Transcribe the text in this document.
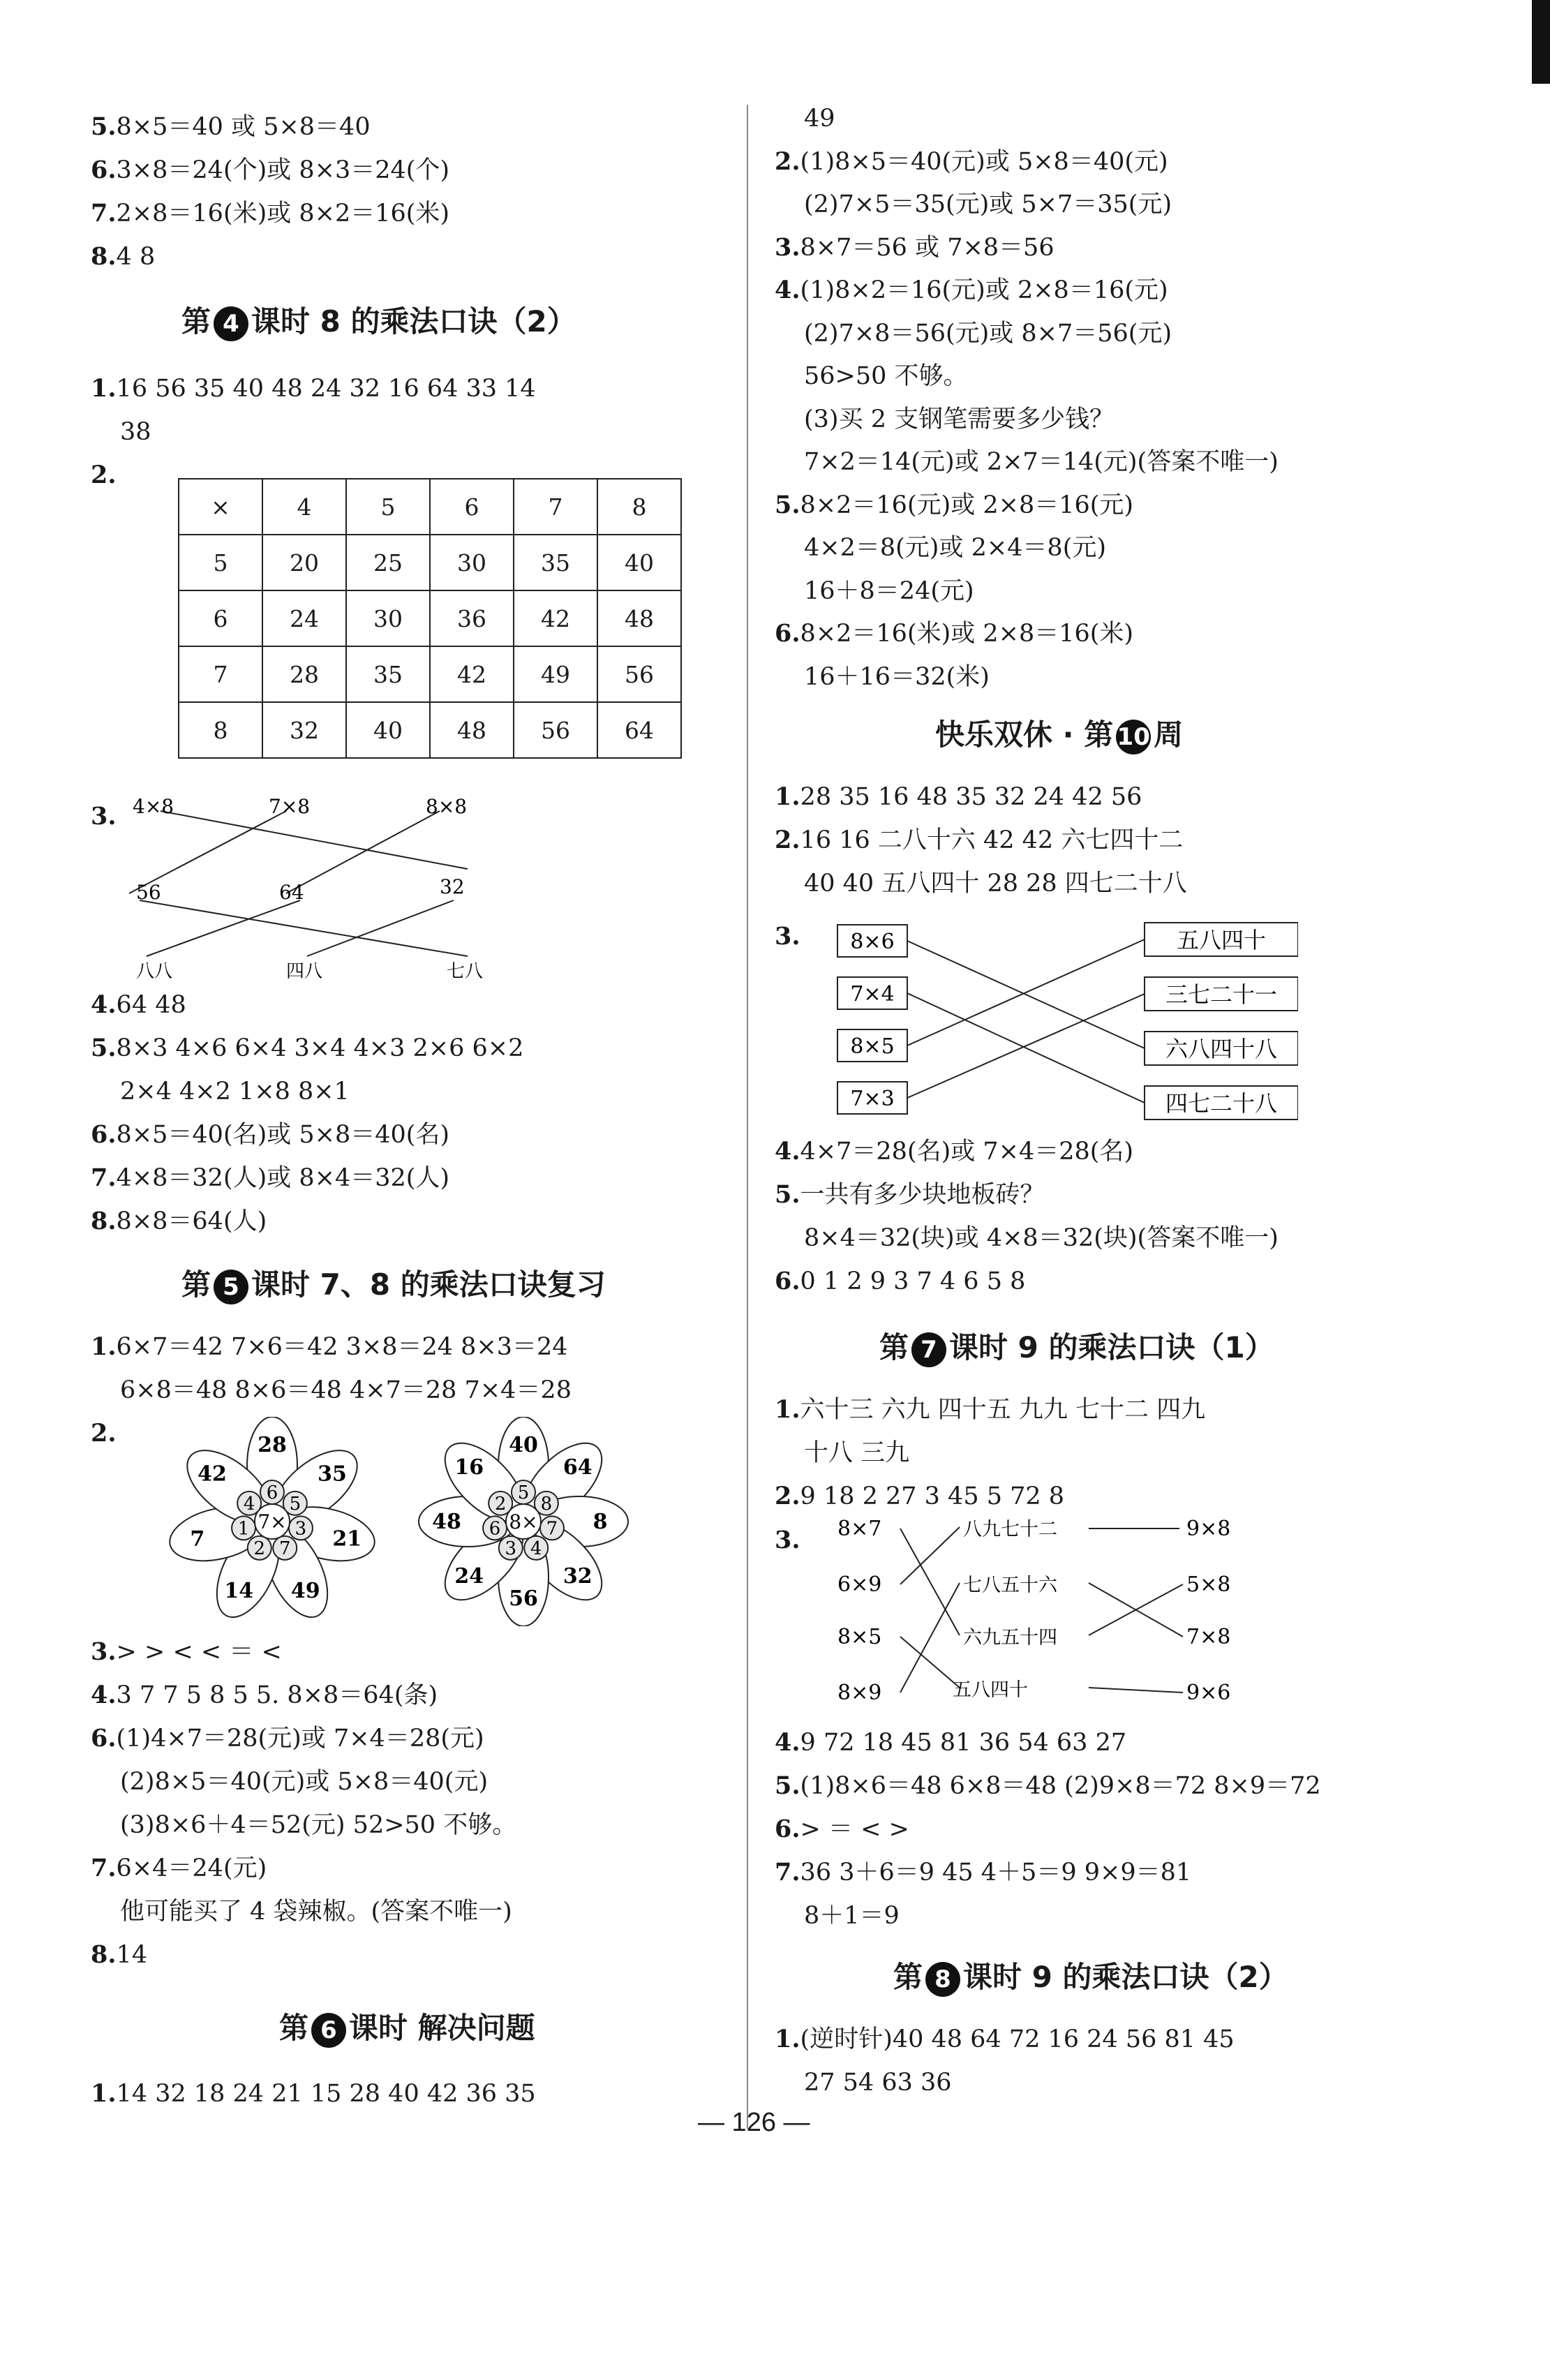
5.8×5＝40 或 5×8＝40
6.3×8＝24(个)或 8×3＝24(个)
7.2×8＝16(米)或 8×2＝16(米)
8.4 8
第 4 课时 8 的乘法口诀（2）
1.16 56 35 40 48 24 32 16 64 33 14
38
2.
×	4	5	6	7	8
5	20	25	30	35	40
6	24	30	36	42	48
7	28	35	42	49	56
8	32	40	48	56	64
3. 4×8	7×8	8×8
56	64	32
八八	四八	七八
4.64 48
5.8×3 4×6 6×4 3×4 4×3 2×6 6×2
2×4 4×2 1×8 8×1
6.8×5＝40(名)或 5×8＝40(名)
7.4×8＝32(人)或 8×4＝32(人)
8.8×8＝64(人)
第 5 课时 7、8 的乘法口诀复习
1.6×7＝42 7×6＝42 3×8＝24 8×3＝24
6×8＝48 8×6＝48 4×7＝28 7×4＝28
2.	28
35
21
49
14
7
42
6
5
3
7
2
1
4
7×
40
64
8
32
56
24
48
16
5
8
7
4
3
6
2
8×
3.> > < < ＝ <
4.3 7 7 5 8 5 5. 8×8＝64(条)
6.(1)4×7＝28(元)或 7×4＝28(元)
(2)8×5＝40(元)或 5×8＝40(元)
(3)8×6＋4＝52(元) 52>50 不够。
7.6×4＝24(元)
他可能买了 4 袋辣椒。(答案不唯一)
8.14
第 6 课时 解决问题
1.14 32 18 24 21 15 28 40 42 36 35
49
2.(1)8×5＝40(元)或 5×8＝40(元)
(2)7×5＝35(元)或 5×7＝35(元)
3.8×7＝56 或 7×8＝56
4.(1)8×2＝16(元)或 2×8＝16(元)
(2)7×8＝56(元)或 8×7＝56(元)
56>50 不够。
(3)买 2 支钢笔需要多少钱？
7×2＝14(元)或 2×7＝14(元)(答案不唯一)
5.8×2＝16(元)或 2×8＝16(元)
4×2＝8(元)或 2×4＝8(元)
16＋8＝24(元)
6.8×2＝16(米)或 2×8＝16(米)
16＋16＝32(米)
快乐双休 · 第 10 周
1.28 35 16 48 35 32 24 42 56
2.16 16 二八十六 42 42 六七四十二
40 40 五八四十 28 28 四七二十八
3. 8×6
7×4
8×5
7×3
五八四十
三七二十一
六八四十八
四七二十八
4.4×7＝28(名)或 7×4＝28(名)
5.一共有多少块地板砖？
8×4＝32(块)或 4×8＝32(块)(答案不唯一)
6.0 1 2 9 3 7 4 6 5 8
第 7 课时 9 的乘法口诀（1）
1.六十三 六九 四十五 九九 七十二 四九
十八 三九
2.9 18 2 27 3 45 5 72 8
3. 8×7
6×9
8×5
8×9
八九七十二
七八五十六
六九五十四
五八四十
9×8
5×8
7×8
9×6
4.9 72 18 45 81 36 54 63 27
5.(1)8×6＝48 6×8＝48 (2)9×8＝72 8×9＝72
6.> ＝ < >
7.36 3＋6＝9 45 4＋5＝9 9×9＝81
8＋1＝9
第 8 课时 9 的乘法口诀（2）
1.(逆时针)40 48 64 72 16 24 56 81 45
27 54 63 36
— 126 —
